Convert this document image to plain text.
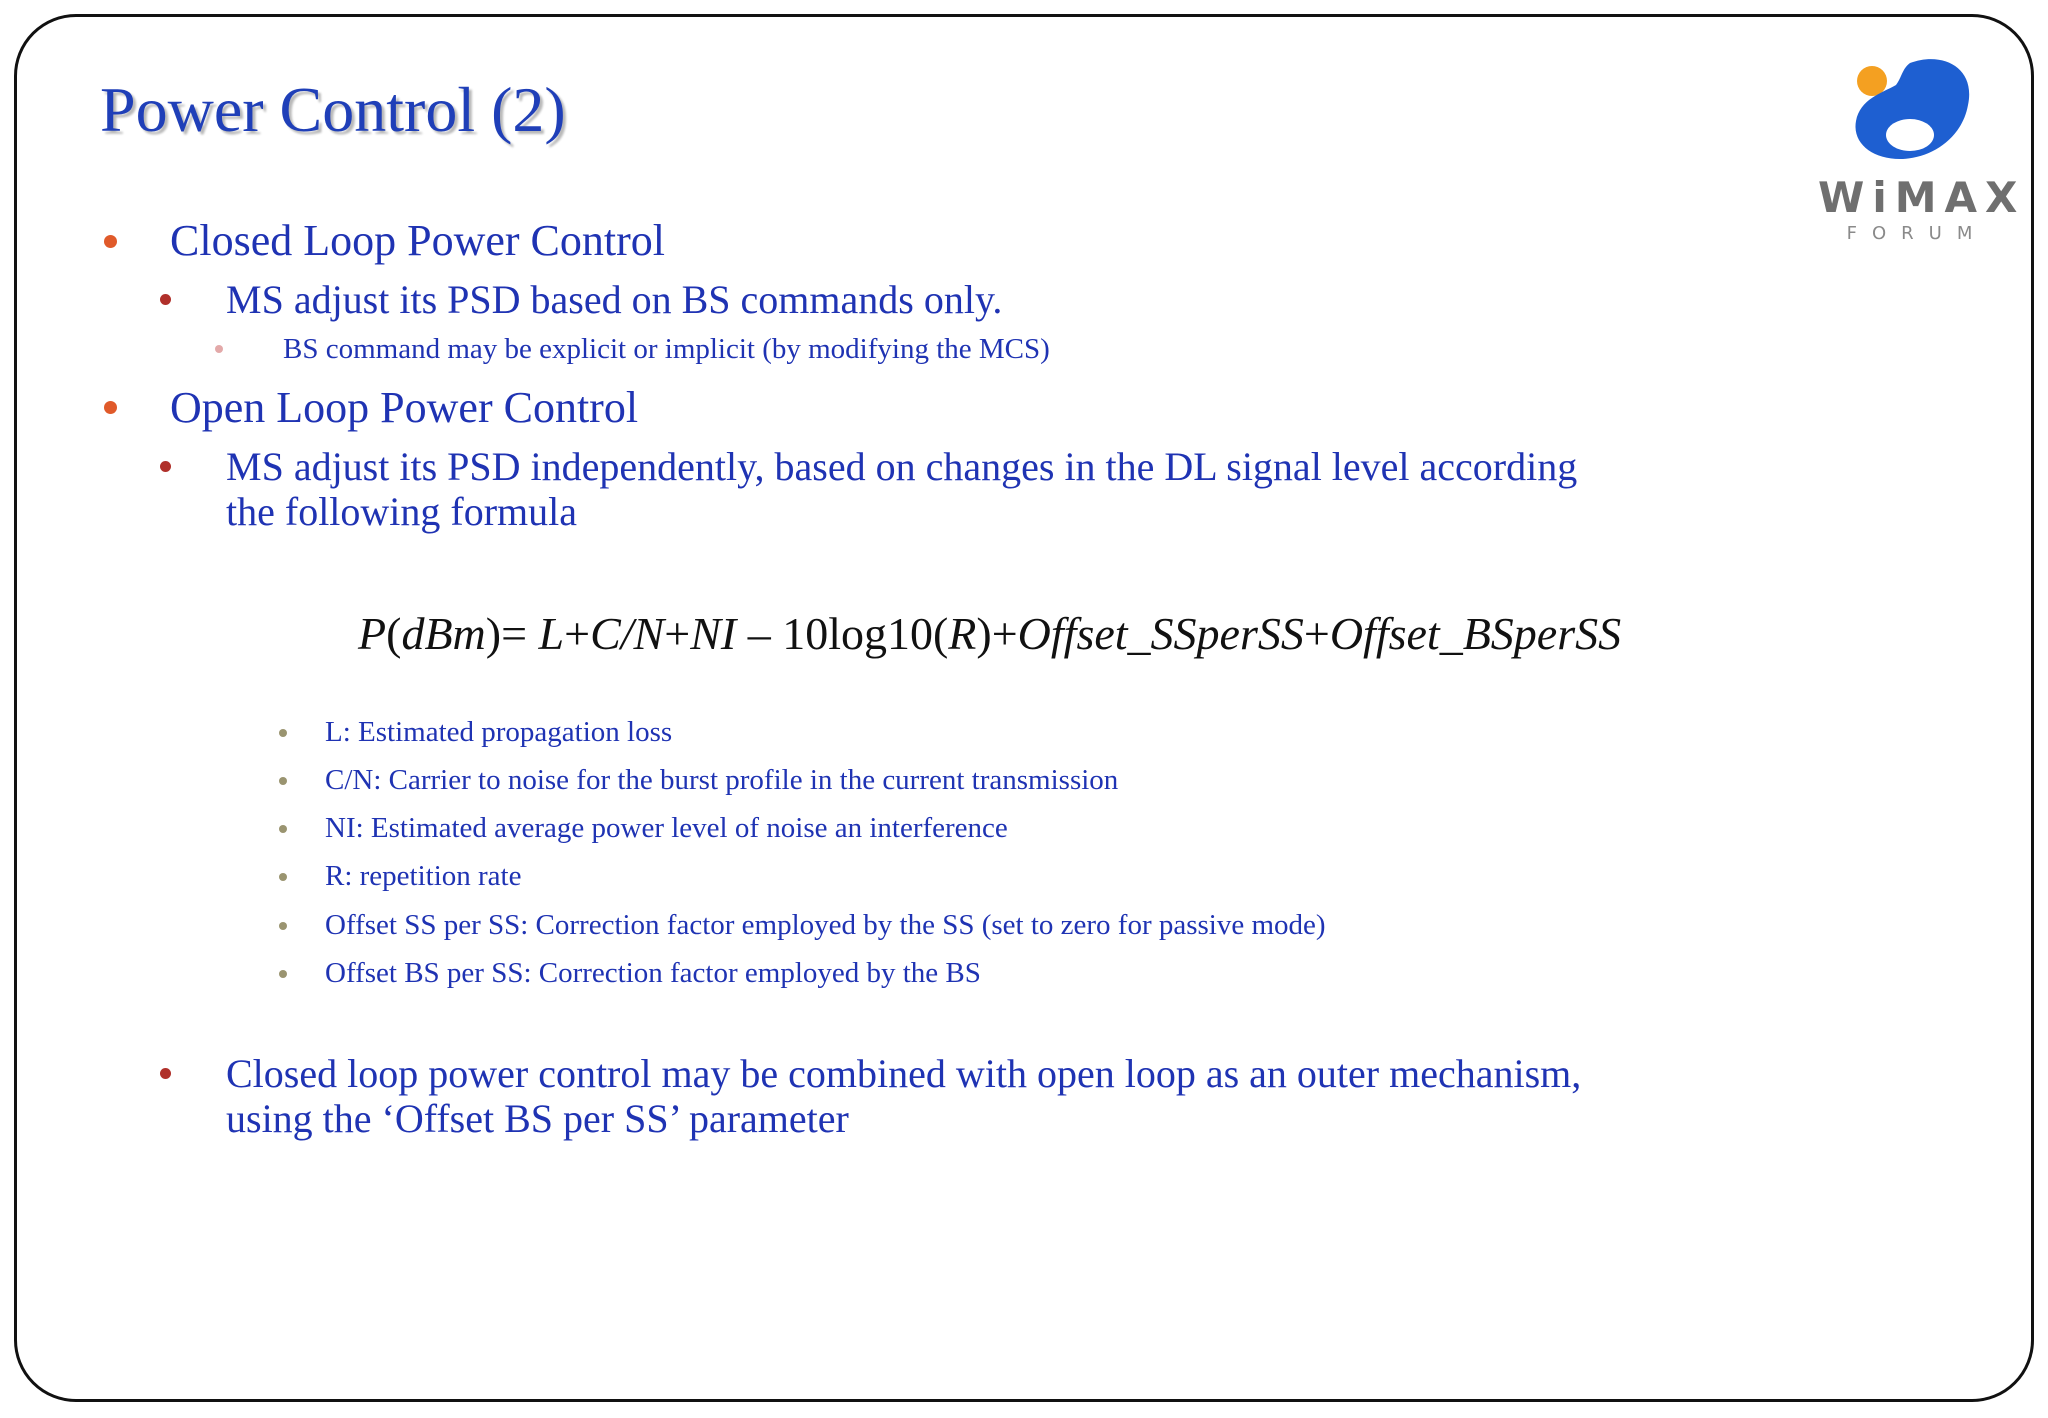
Power Control (2)
WiMAX
FORUM
Closed Loop Power Control
MS adjust its PSD based on BS commands only.
BS command may be explicit or implicit (by modifying the MCS)
Open Loop Power Control
MS adjust its PSD independently, based on changes in the DL signal level according
the following formula
P(dBm)= L+C/N+NI – 10log10(R)+Offset_SSperSS+Offset_BSperSS
L: Estimated propagation loss
C/N: Carrier to noise for the burst profile in the current transmission
NI: Estimated average power level of noise an interference
R: repetition rate
Offset SS per SS: Correction factor employed by the SS (set to zero for passive mode)
Offset BS per SS: Correction factor employed by the BS
Closed loop power control may be combined with open loop as an outer mechanism,
using the ‘Offset BS per SS’ parameter
